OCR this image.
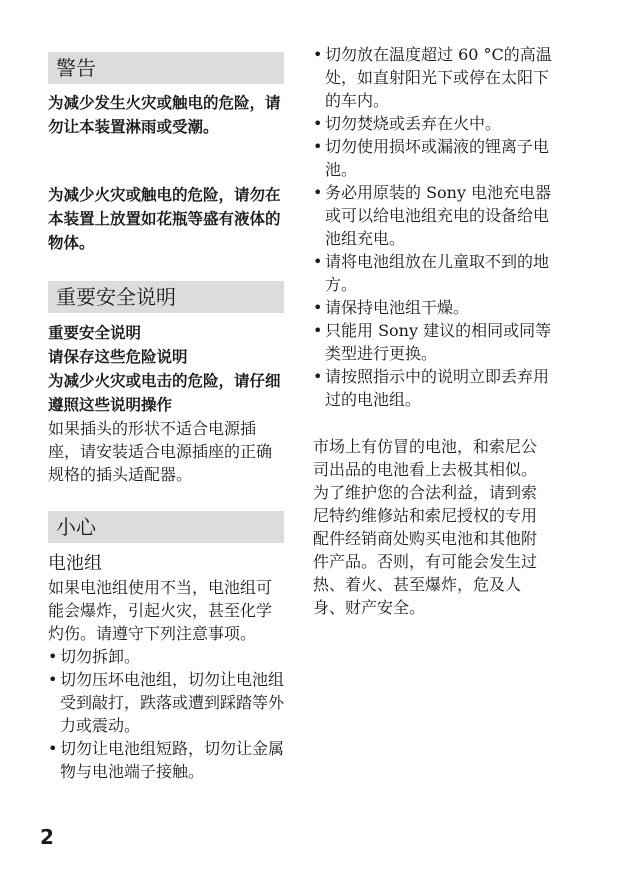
警告
为减少发生火灾或触电的危险，请勿让本装置淋雨或受潮。
为减少火灾或触电的危险，请勿在本装置上放置如花瓶等盛有液体的物体。
重要安全说明
重要安全说明
请保存这些危险说明
为减少火灾或电击的危险，请仔细遵照这些说明操作
如果插头的形状不适合电源插座，请安装适合电源插座的正确规格的插头适配器。
小心
电池组
如果电池组使用不当，电池组可能会爆炸，引起火灾，甚至化学灼伤。请遵守下列注意事项。
• 切勿拆卸。
• 切勿压坏电池组，切勿让电池组受到敲打，跌落或遭到踩踏等外力或震动。
• 切勿让电池组短路，切勿让金属物与电池端子接触。
• 切勿放在温度超过 60 °C的高温处，如直射阳光下或停在太阳下的车内。
• 切勿焚烧或丢弃在火中。
• 切勿使用损坏或漏液的锂离子电池。
• 务必用原装的 Sony 电池充电器或可以给电池组充电的设备给电池组充电。
• 请将电池组放在儿童取不到的地方。
• 请保持电池组干燥。
• 只能用 Sony 建议的相同或同等类型进行更换。
• 请按照指示中的说明立即丢弃用过的电池组。
市场上有仿冒的电池，和索尼公司出品的电池看上去极其相似。为了维护您的合法利益，请到索尼特约维修站和索尼授权的专用配件经销商处购买电池和其他附件产品。否则，有可能会发生过热、着火、甚至爆炸，危及人身、财产安全。
2
